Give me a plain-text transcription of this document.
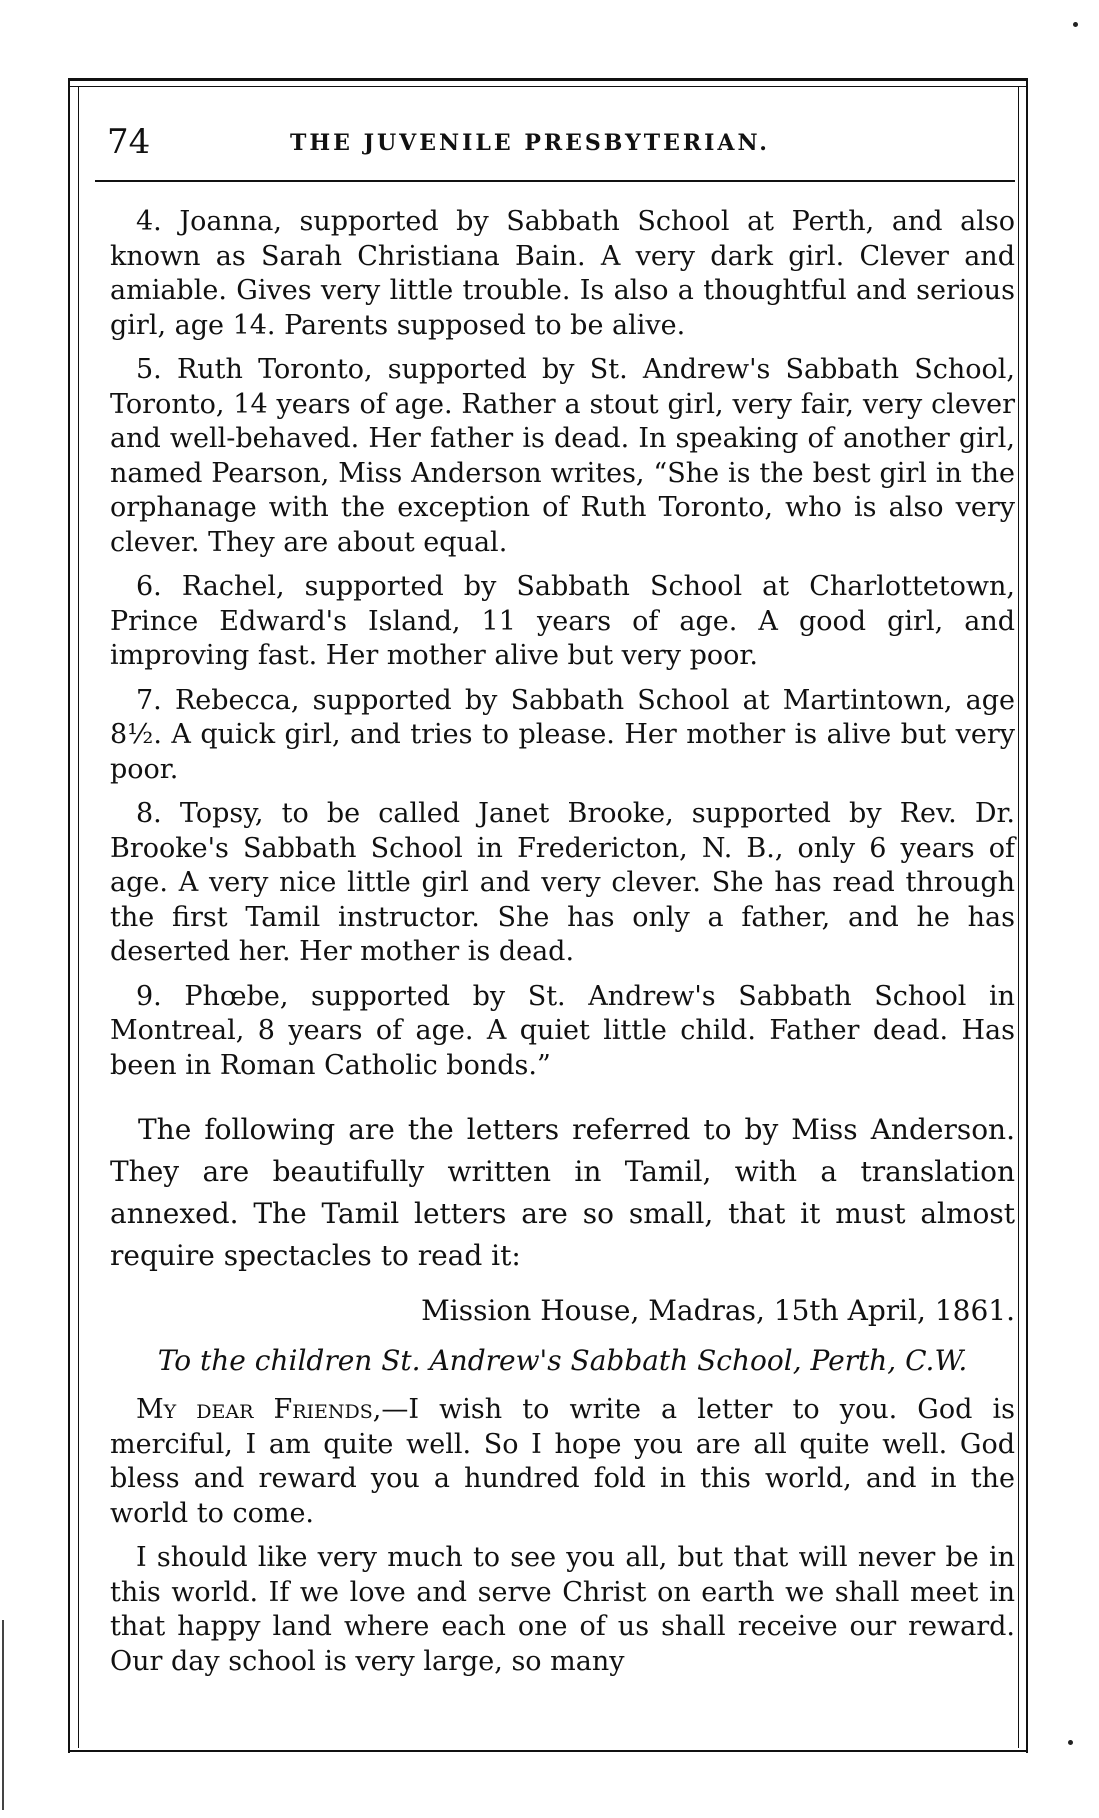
74	THE JUVENILE PRESBYTERIAN.

4. Joanna, supported by Sabbath School at Perth, and also known as Sarah Christiana Bain. A very dark girl. Clever and amiable. Gives very little trouble. Is also a thoughtful and serious girl, age 14. Parents supposed to be alive.

5. Ruth Toronto, supported by St. Andrew's Sabbath School, Toronto, 14 years of age. Rather a stout girl, very fair, very clever and well-behaved. Her father is dead. In speaking of another girl, named Pearson, Miss Anderson writes, “She is the best girl in the orphanage with the exception of Ruth Toronto, who is also very clever. They are about equal.

6. Rachel, supported by Sabbath School at Charlottetown, Prince Edward's Island, 11 years of age. A good girl, and improving fast. Her mother alive but very poor.

7. Rebecca, supported by Sabbath School at Martintown, age 8½. A quick girl, and tries to please. Her mother is alive but very poor.

8. Topsy, to be called Janet Brooke, supported by Rev. Dr. Brooke's Sabbath School in Fredericton, N. B., only 6 years of age. A very nice little girl and very clever. She has read through the first Tamil instructor. She has only a father, and he has deserted her. Her mother is dead.

9. Phœbe, supported by St. Andrew's Sabbath School in Montreal, 8 years of age. A quiet little child. Father dead. Has been in Roman Catholic bonds.”

The following are the letters referred to by Miss Anderson. They are beautifully written in Tamil, with a translation annexed. The Tamil letters are so small, that it must almost require spectacles to read it:

Mission House, Madras, 15th April, 1861.

To the children St. Andrew's Sabbath School, Perth, C.W.

My dear Friends,—I wish to write a letter to you. God is merciful, I am quite well. So I hope you are all quite well. God bless and reward you a hundred fold in this world, and in the world to come.

I should like very much to see you all, but that will never be in this world. If we love and serve Christ on earth we shall meet in that happy land where each one of us shall receive our reward. Our day school is very large, so many
